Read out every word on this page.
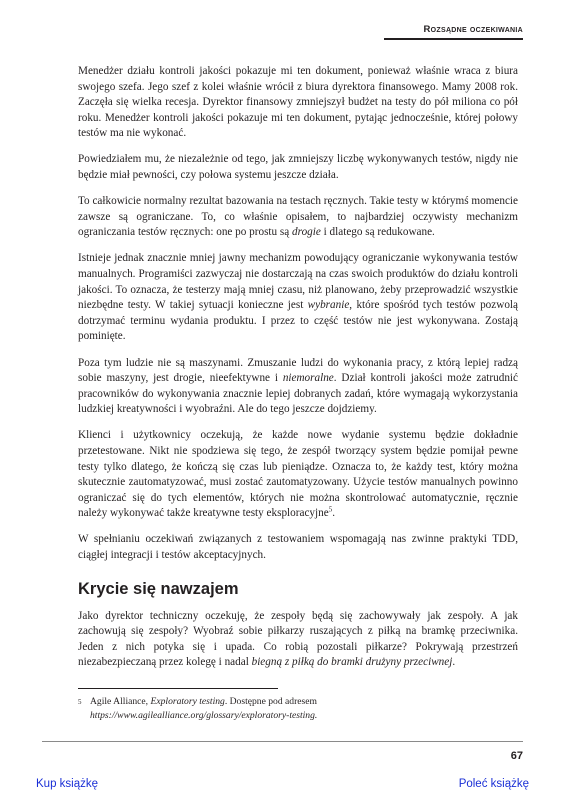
Rozsądne oczekiwania

Menedżer działu kontroli jakości pokazuje mi ten dokument, ponieważ właśnie wraca z biura swojego szefa. Jego szef z kolei właśnie wrócił z biura dyrektora finansowego. Mamy 2008 rok. Zaczęła się wielka recesja. Dyrektor finansowy zmniejszył budżet na testy do pół miliona co pół roku. Menedżer kontroli jakości pokazuje mi ten dokument, pytając jednocześnie, której połowy testów ma nie wykonać.

Powiedziałem mu, że niezależnie od tego, jak zmniejszy liczbę wykonywanych testów, nigdy nie będzie miał pewności, czy połowa systemu jeszcze działa.

To całkowicie normalny rezultat bazowania na testach ręcznych. Takie testy w którymś momencie zawsze są ograniczane. To, co właśnie opisałem, to najbardziej oczywisty mechanizm ograniczania testów ręcznych: one po prostu są drogie i dlatego są redukowane.

Istnieje jednak znacznie mniej jawny mechanizm powodujący ograniczanie wykonywania testów manualnych. Programiści zazwyczaj nie dostarczają na czas swoich produktów do działu kontroli jakości. To oznacza, że testerzy mają mniej czasu, niż planowano, żeby przeprowadzić wszystkie niezbędne testy. W takiej sytuacji konieczne jest wybranie, które spośród tych testów pozwolą dotrzymać terminu wydania produktu. I przez to część testów nie jest wykonywana. Zostają pominięte.

Poza tym ludzie nie są maszynami. Zmuszanie ludzi do wykonania pracy, z którą lepiej radzą sobie maszyny, jest drogie, nieefektywne i niemoralne. Dział kontroli jakości może zatrudnić pracowników do wykonywania znacznie lepiej dobranych zadań, które wymagają wykorzystania ludzkiej kreatywności i wyobraźni. Ale do tego jeszcze dojdziemy.

Klienci i użytkownicy oczekują, że każde nowe wydanie systemu będzie dokładnie przetestowane. Nikt nie spodziewa się tego, że zespół tworzący system będzie pomijał pewne testy tylko dlatego, że kończą się czas lub pieniądze. Oznacza to, że każdy test, który można skutecznie zautomatyzować, musi zostać zautomatyzowany. Użycie testów manualnych powinno ograniczać się do tych elementów, których nie można skontrolować automatycznie, ręcznie należy wykonywać także kreatywne testy eksploracyjne$^5$.

W spełnianiu oczekiwań związanych z testowaniem wspomagają nas zwinne praktyki TDD, ciągłej integracji i testów akceptacyjnych.

Krycie się nawzajem

Jako dyrektor techniczny oczekuję, że zespoły będą się zachowywały jak zespoły. A jak zachowują się zespoły? Wyobraź sobie piłkarzy ruszających z piłką na bramkę przeciwnika. Jeden z nich potyka się i upada. Co robią pozostali piłkarze? Pokrywają przestrzeń niezabezpieczaną przez kolegę i nadal biegną z piłką do bramki drużyny przeciwnej.

5 Agile Alliance, Exploratory testing. Dostępne pod adresem
https://www.agilealliance.org/glossary/exploratory-testing.
67
Kup książkę	Poleć książkę
